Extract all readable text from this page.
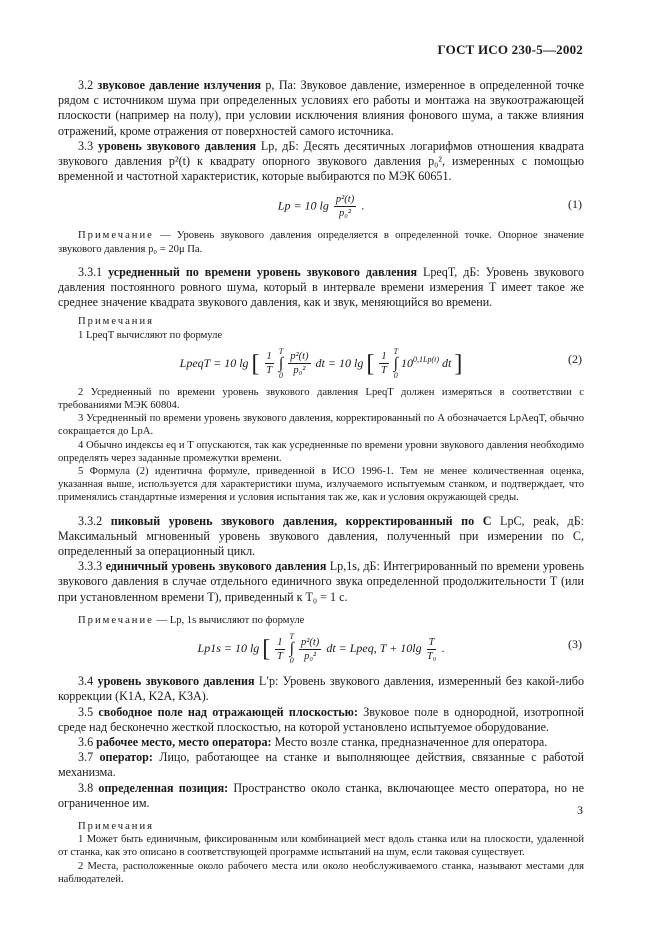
ГОСТ ИСО 230-5—2002

3.2 звуковое давление излучения р, Па: Звуковое давление, измеренное в определенной точке рядом с источником шума при определенных условиях его работы и монтажа на звукоотражающей плоскости (например на полу), при условии исключения влияния фонового шума, а также влияния отражений, кроме отражения от поверхностей самого источника.

3.3 уровень звукового давления Lp, дБ: Десять десятичных логарифмов отношения квадрата звукового давления p²(t) к квадрату опорного звукового давления p₀², измеренных с помощью временной и частотной характеристик, которые выбираются по МЭК 60651.

Lp = 10 $\lg \frac{\text{p²(t)}}{\text{p₀²}}$ .	(1)

Примечание — Уровень звукового давления определяется в определенной точке. Опорное значение звукового давления p₀ = 20μ Па.

3.3.1 усредненный по времени уровень звукового давления LpeqT, дБ: Уровень звукового давления постоянного ровного шума, который в интервале времени измерения T имеет такое же среднее значение квадрата звукового давления, как и звук, меняющийся во времени.

Примечания

1 LpeqT вычисляют по формуле

LpeqT = 10 lg [ $\frac{1}{T}$
T
∫
0
$\frac{\text{p²(t)}}{\text{p₀²}}$ dt = 10 lg [ $\frac{1}{T}$
T
∫
0
$10^{0,1Lp(t)}$ dt ]	(2)

2 Усредненный по времени уровень звукового давления LpeqT должен измеряться в соответствии с требованиями МЭК 60804.

3 Усредненный по времени уровень звукового давления, корректированный по A обозначается LpAeqT, обычно сокращается до LpA.

4 Обычно индексы eq и T опускаются, так как усредненные по времени уровни звукового давления необходимо определять через заданные промежутки времени.

5 Формула (2) идентична формуле, приведенной в ИСО 1996-1. Тем не менее количественная оценка, указанная выше, используется для характеристики шума, излучаемого испытуемым станком, и подтверждает, что применялись стандартные измерения и условия испытания так же, как и условия окружающей среды.

3.3.2 пиковый уровень звукового давления, корректированный по C LpC, peak, дБ: Максимальный мгновенный уровень звукового давления, полученный при измерении по C, определенный за операционный цикл.

3.3.3 единичный уровень звукового давления Lp,1s, дБ: Интегрированный по времени уровень звукового давления в случае отдельного единичного звука определенной продолжительности T (или при установленном времени T), приведенный к T₀ = 1 с.

Примечание — Lp, 1s вычисляют по формуле

Lp1s = 10 lg [ $\frac{1}{T}$
T
∫
0
$\frac{\text{p²(t)}}{\text{p₀²}}$ dt = Lpeq, $T + 10\lg \frac{T}{\text{T₀}}$ .	(3)

3.4 уровень звукового давления L′p: Уровень звукового давления, измеренный без какой-либо коррекции (K1A, K2A, K3A).

3.5 свободное поле над отражающей плоскостью: Звуковое поле в однородной, изотропной среде над бесконечно жесткой плоскостью, на которой установлено испытуемое оборудование.

3.6 рабочее место, место оператора: Место возле станка, предназначенное для оператора.

3.7 оператор: Лицо, работающее на станке и выполняющее действия, связанные с работой механизма.

3.8 определенная позиция: Пространство около станка, включающее место оператора, но не ограниченное им.

Примечания

1 Может быть единичным, фиксированным или комбинацией мест вдоль станка или на плоскости, удаленной от станка, как это описано в соответствующей программе испытаний на шум, если таковая существует.

2 Места, расположенные около рабочего места или около необслуживаемого станка, называют местами для наблюдателей.

3
